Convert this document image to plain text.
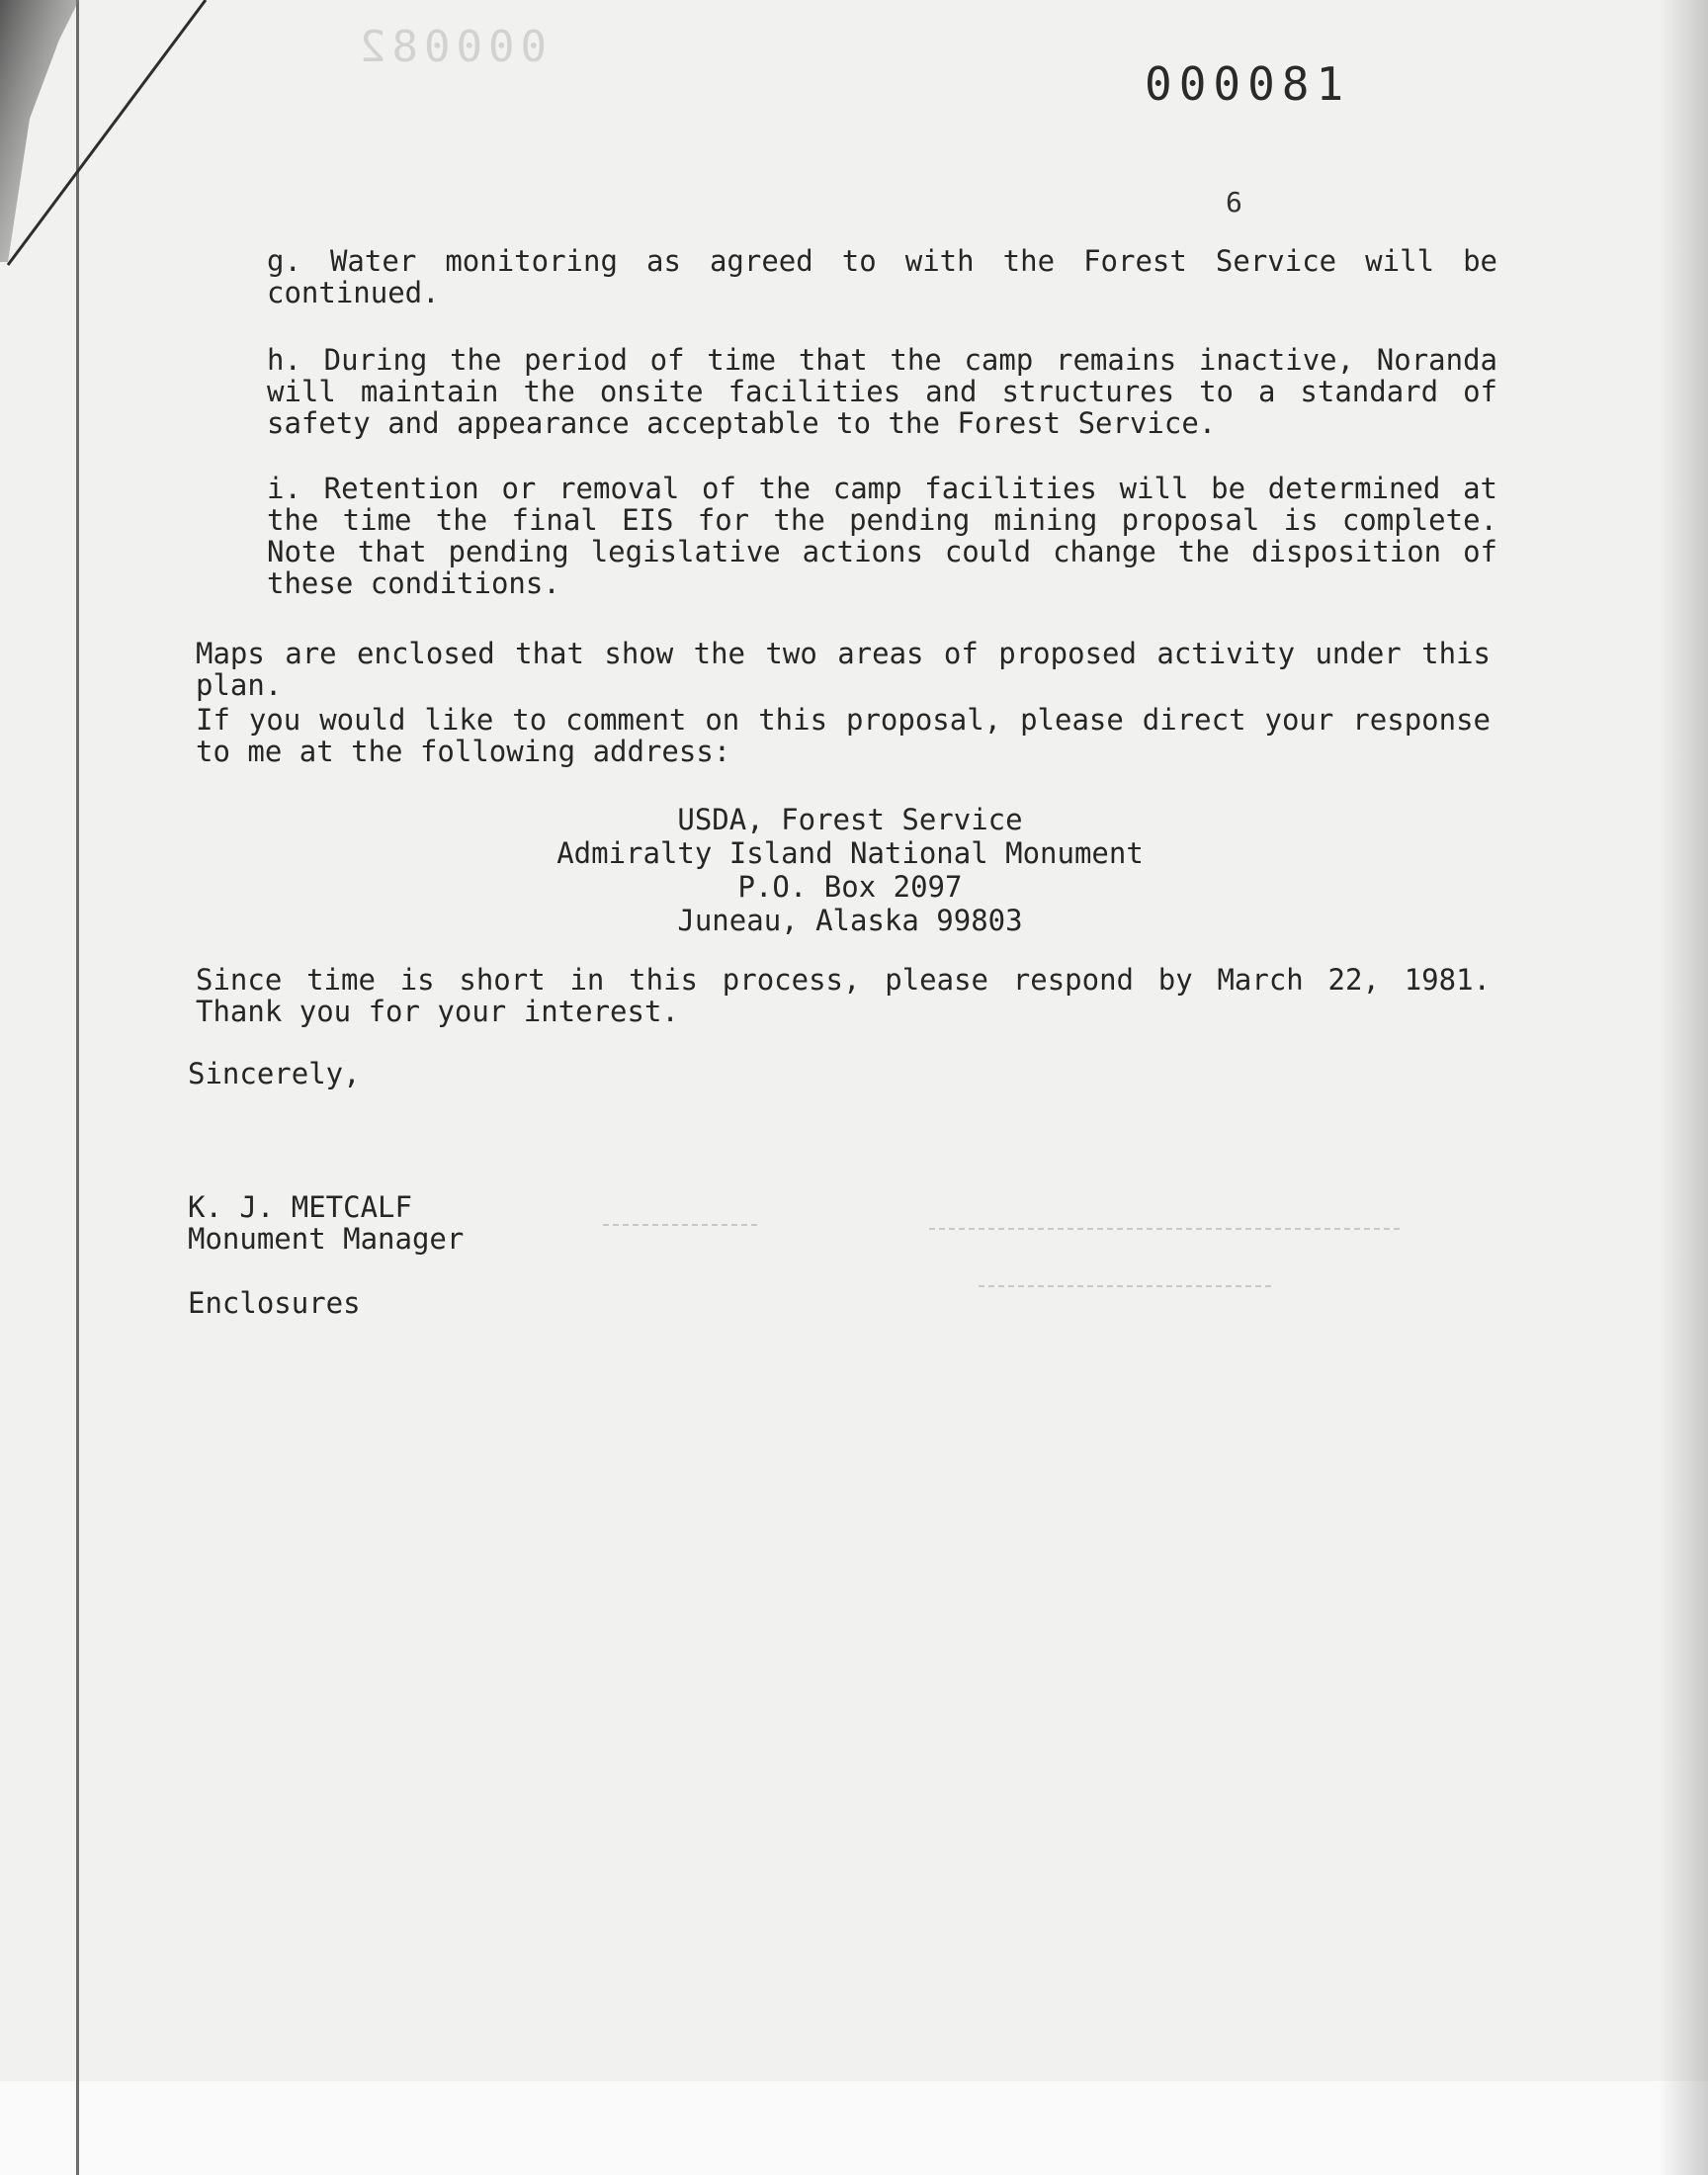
000082
000081
6
g. Water monitoring as agreed to with the Forest Service will be continued.
h. During the period of time that the camp remains inactive, Noranda will maintain the onsite facilities and structures to a standard of safety and appearance acceptable to the Forest Service.
i. Retention or removal of the camp facilities will be determined at the time the final EIS for the pending mining proposal is complete. Note that pending legislative actions could change the disposition of these conditions.
Maps are enclosed that show the two areas of proposed activity under this plan.
If you would like to comment on this proposal, please direct your response to me at the following address:
USDA, Forest Service
Admiralty Island National Monument
P.O. Box 2097
Juneau, Alaska 99803
Since time is short in this process, please respond by March 22, 1981. Thank you for your interest.
Sincerely,
K. J. METCALF
Monument Manager
Enclosures
